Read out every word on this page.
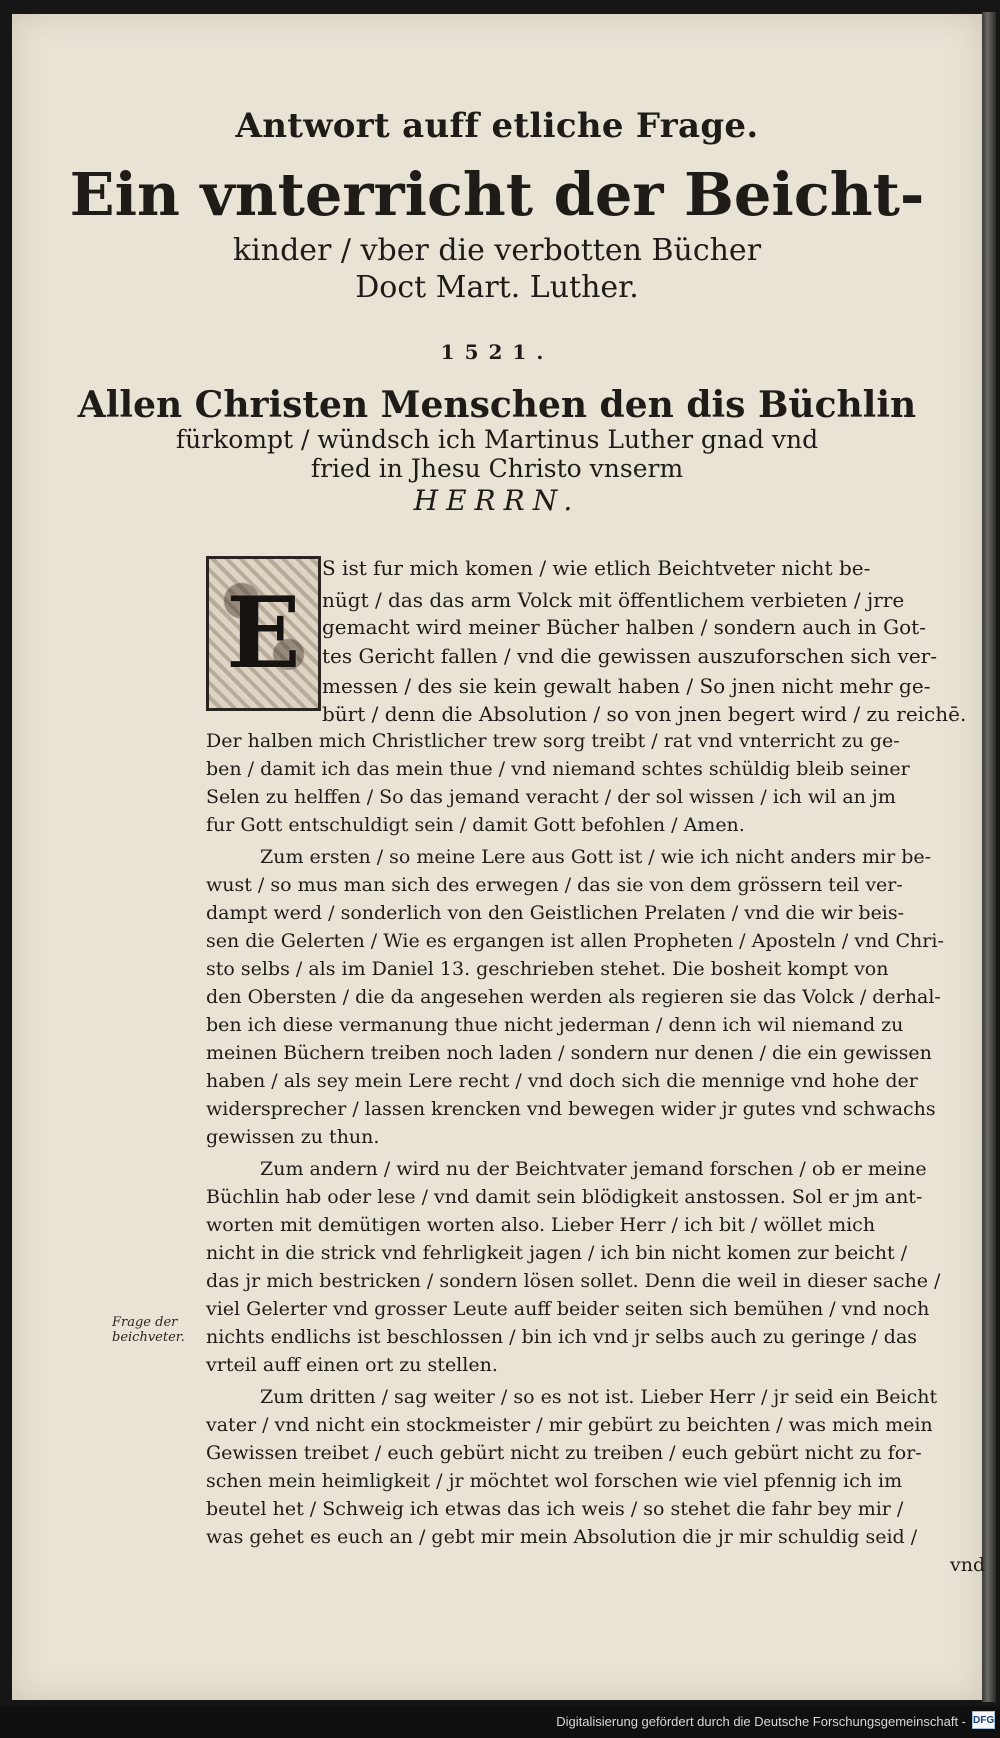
Antwort auff etliche Frage.

Ein vnterricht der Beicht-

kinder / vber die verbotten Bücher

Doct Mart. Luther.

1521.

Allen Christen Menschen den dis Büchlin

fürkompt / wündsch ich Martinus Luther gnad vnd

fried in Jhesu Christo vnserm

HERRN.

E

S ist fur mich komen / wie etlich Beichtveter nicht be-

nügt / das das arm Volck mit öffentlichem verbieten / jrre

gemacht wird meiner Bücher halben / sondern auch in Got-

tes Gericht fallen / vnd die gewissen auszuforschen sich ver-

messen / des sie kein gewalt haben / So jnen nicht mehr ge-

bürt / denn die Absolution / so von jnen begert wird / zu reichē.

Der halben mich Christlicher trew sorg treibt / rat vnd vnterricht zu ge-

ben / damit ich das mein thue / vnd niemand schtes schüldig bleib seiner

Selen zu helffen / So das jemand veracht / der sol wissen / ich wil an jm

fur Gott entschuldigt sein / damit Gott befohlen / Amen.

Zum ersten / so meine Lere aus Gott ist / wie ich nicht anders mir be-

wust / so mus man sich des erwegen / das sie von dem grössern teil ver-

dampt werd / sonderlich von den Geistlichen Prelaten / vnd die wir beis-

sen die Gelerten / Wie es ergangen ist allen Propheten / Aposteln / vnd Chri-

sto selbs / als im Daniel 13. geschrieben stehet. Die bosheit kompt von

den Obersten / die da angesehen werden als regieren sie das Volck / derhal-

ben ich diese vermanung thue nicht jederman / denn ich wil niemand zu

meinen Büchern treiben noch laden / sondern nur denen / die ein gewissen

haben / als sey mein Lere recht / vnd doch sich die mennige vnd hohe der

widersprecher / lassen krencken vnd bewegen wider jr gutes vnd schwachs

gewissen zu thun.

Zum andern / wird nu der Beichtvater jemand forschen / ob er meine

Büchlin hab oder lese / vnd damit sein blödigkeit anstossen. Sol er jm ant-

worten mit demütigen worten also. Lieber Herr / ich bit / wöllet mich

nicht in die strick vnd fehrligkeit jagen / ich bin nicht komen zur beicht /

das jr mich bestricken / sondern lösen sollet. Denn die weil in dieser sache /

viel Gelerter vnd grosser Leute auff beider seiten sich bemühen / vnd noch

nichts endlichs ist beschlossen / bin ich vnd jr selbs auch zu geringe / das

vrteil auff einen ort zu stellen.

Zum dritten / sag weiter / so es not ist. Lieber Herr / jr seid ein Beicht

vater / vnd nicht ein stockmeister / mir gebürt zu beichten / was mich mein

Gewissen treibet / euch gebürt nicht zu treiben / euch gebürt nicht zu for-

schen mein heimligkeit / jr möchtet wol forschen wie viel pfennig ich im

beutel het / Schweig ich etwas das ich weis / so stehet die fahr bey mir /

was gehet es euch an / gebt mir mein Absolution die jr mir schuldig seid /

vnd

Frage der
beichveter.
Digitalisierung gefördert durch die Deutsche Forschungsgemeinschaft - DFG
